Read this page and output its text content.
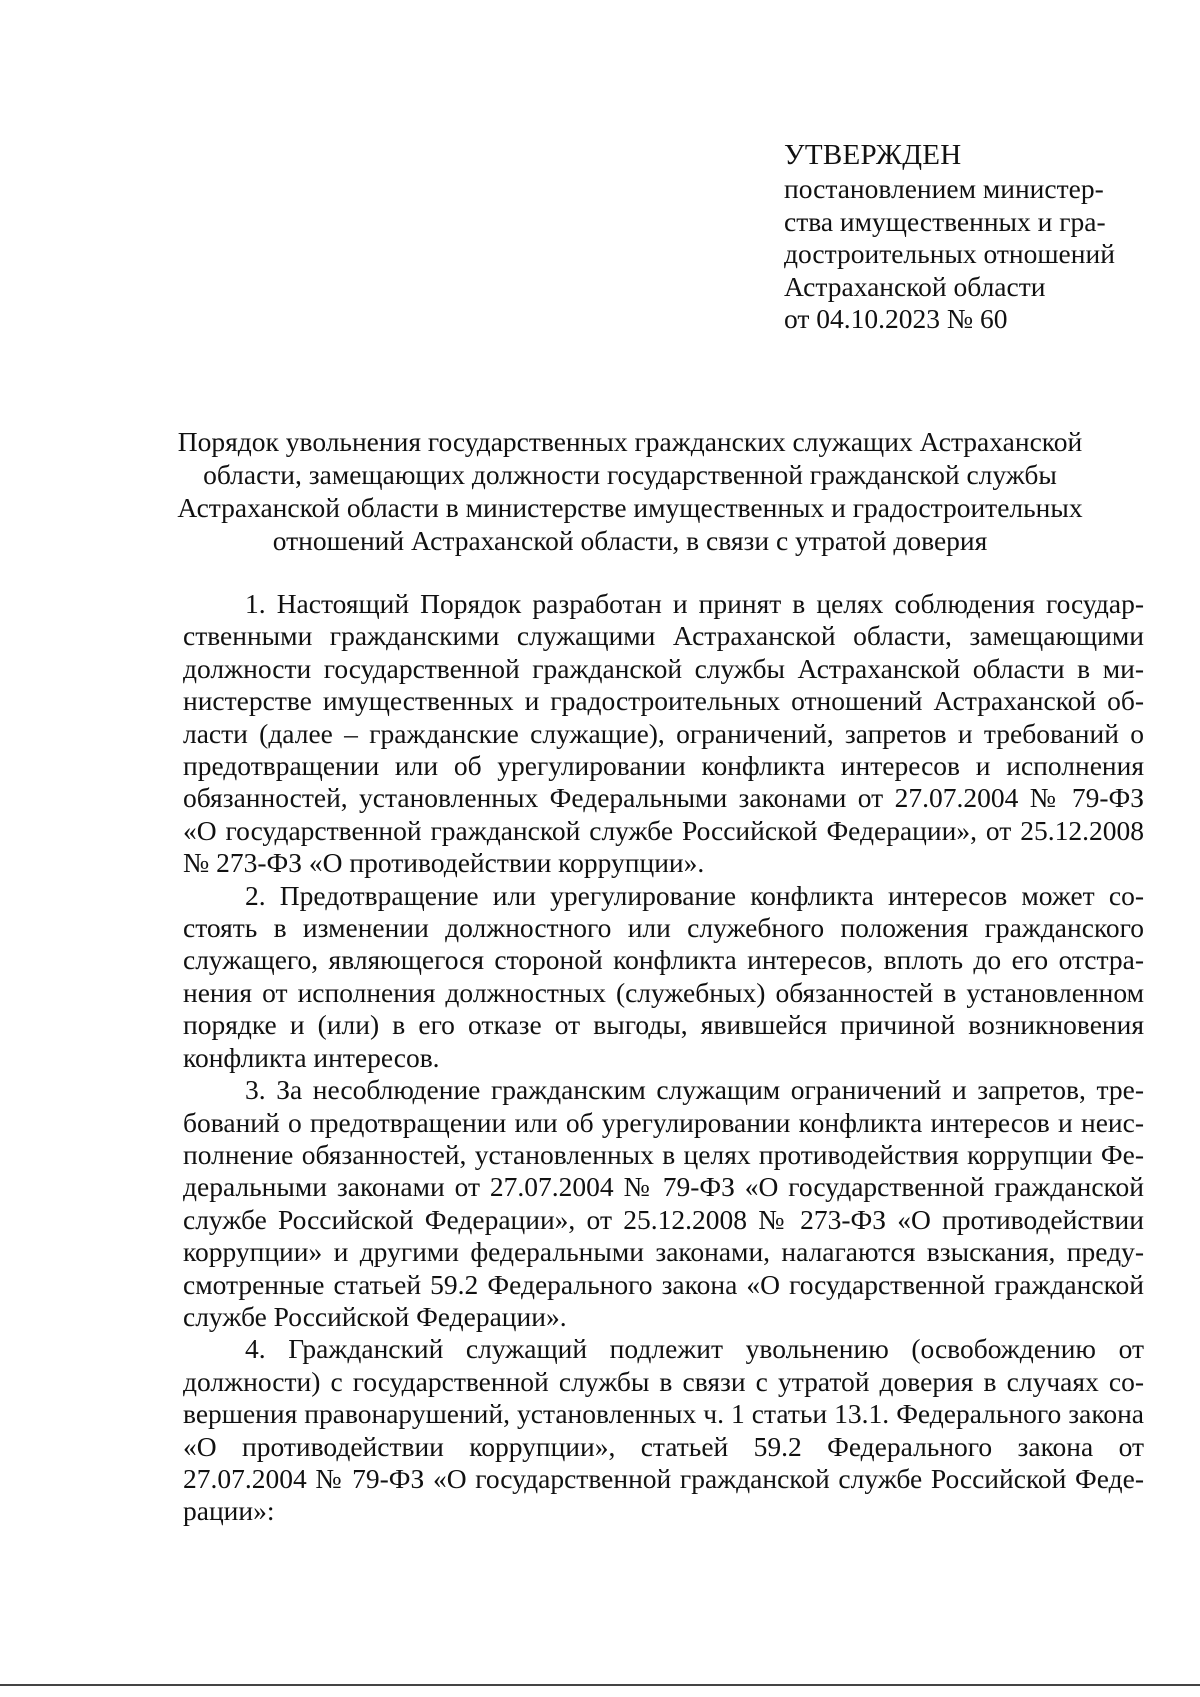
УТВЕРЖДЕН
постановлением министер-
ства имущественных и гра-
достроительных отношений
Астраханской области
от 04.10.2023 № 60
Порядок увольнения государственных гражданских служащих Астраханской
области, замещающих должности государственной гражданской службы
Астраханской области в министерстве имущественных и градостроительных
отношений Астраханской области, в связи с утратой доверия

1. Настоящий Порядок разработан и принят в целях соблюдения государственными гражданскими служащими Астраханской области, замещающими должности государственной гражданской службы Астраханской области в министерстве имущественных и градостроительных отношений Астраханской области (далее – гражданские служащие), ограничений, запретов и требований о предотвращении или об урегулировании конфликта интересов и исполнения обязанностей, установленных Федеральными законами от 27.07.2004 № 79-ФЗ «О государственной гражданской службе Российской Федерации», от 25.12.2008 № 273-ФЗ «О противодействии коррупции».

2. Предотвращение или урегулирование конфликта интересов может состоять в изменении должностного или служебного положения гражданского служащего, являющегося стороной конфликта интересов, вплоть до его отстранения от исполнения должностных (служебных) обязанностей в установленном порядке и (или) в его отказе от выгоды, явившейся причиной возникновения конфликта интересов.

3. За несоблюдение гражданским служащим ограничений и запретов, требований о предотвращении или об урегулировании конфликта интересов и неисполнение обязанностей, установленных в целях противодействия коррупции Федеральными законами от 27.07.2004 № 79-ФЗ «О государственной гражданской службе Российской Федерации», от 25.12.2008 № 273-ФЗ «О противодействии коррупции» и другими федеральными законами, налагаются взыскания, предусмотренные статьей 59.2 Федерального закона «О государственной гражданской службе Российской Федерации».

4. Гражданский служащий подлежит увольнению (освобождению от должности) с государственной службы в связи с утратой доверия в случаях совершения правонарушений, установленных ч. 1 статьи 13.1. Федерального закона «О противодействии коррупции», статьей 59.2 Федерального закона от 27.07.2004 № 79-ФЗ «О государственной гражданской службе Российской Федерации»:
